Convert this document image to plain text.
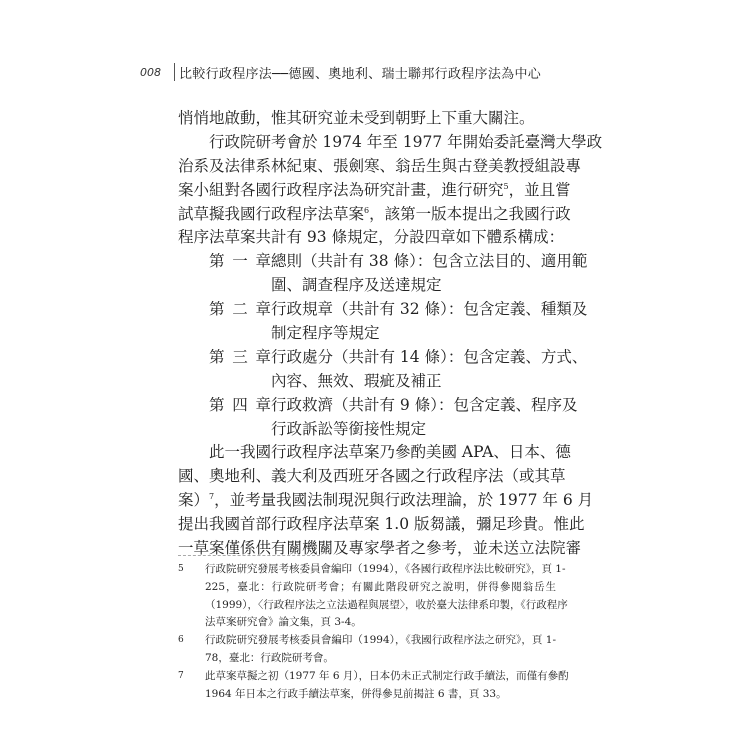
008	比較行政程序法──德國、奧地利、瑞士聯邦行政程序法為中心
悄悄地啟動，惟其研究並未受到朝野上下重大關注。
行政院研考會於 1974 年至 1977 年開始委託臺灣大學政
治系及法律系林紀東、張劍寒、翁岳生與古登美教授組設專
案小組對各國行政程序法為研究計畫，進行研究$^5$，並且嘗
試草擬我國行政程序法草案$^6$，該第一版本提出之我國行政
程序法草案共計有 93 條規定，分設四章如下體系構成：
第一章 總則（共計有 38 條）：包含立法目的、適用範
圍、調查程序及送達規定
第二章 行政規章（共計有 32 條）：包含定義、種類及
制定程序等規定
第三章 行政處分（共計有 14 條）：包含定義、方式、
內容、無效、瑕疵及補正
第四章 行政救濟（共計有 9 條）：包含定義、程序及
行政訴訟等銜接性規定
此一我國行政程序法草案乃參酌美國 APA、日本、德
國、奧地利、義大利及西班牙各國之行政程序法（或其草
案）$^7$，並考量我國法制現況與行政法理論，於 1977 年 6 月
提出我國首部行政程序法草案 1.0 版芻議，彌足珍貴。惟此
一草案僅係供有關機關及專家學者之參考，並未送立法院審
5	行政院研究發展考核委員會編印（1994），《各國行政程序法比較研究》，頁 1-
225，臺北：行政院研考會；有關此階段研究之說明，併得參閱翁岳生
（1999），〈行政程序法之立法過程與展望〉，收於臺大法律系印製，《行政程序
法草案研究會》論文集，頁 3-4。
6	行政院研究發展考核委員會編印（1994），《我國行政程序法之研究》，頁 1-
78，臺北：行政院研考會。
7	此草案草擬之初（1977 年 6 月），日本仍未正式制定行政手續法，而僅有參酌
1964 年日本之行政手續法草案，併得參見前揭註 6 書，頁 33。
